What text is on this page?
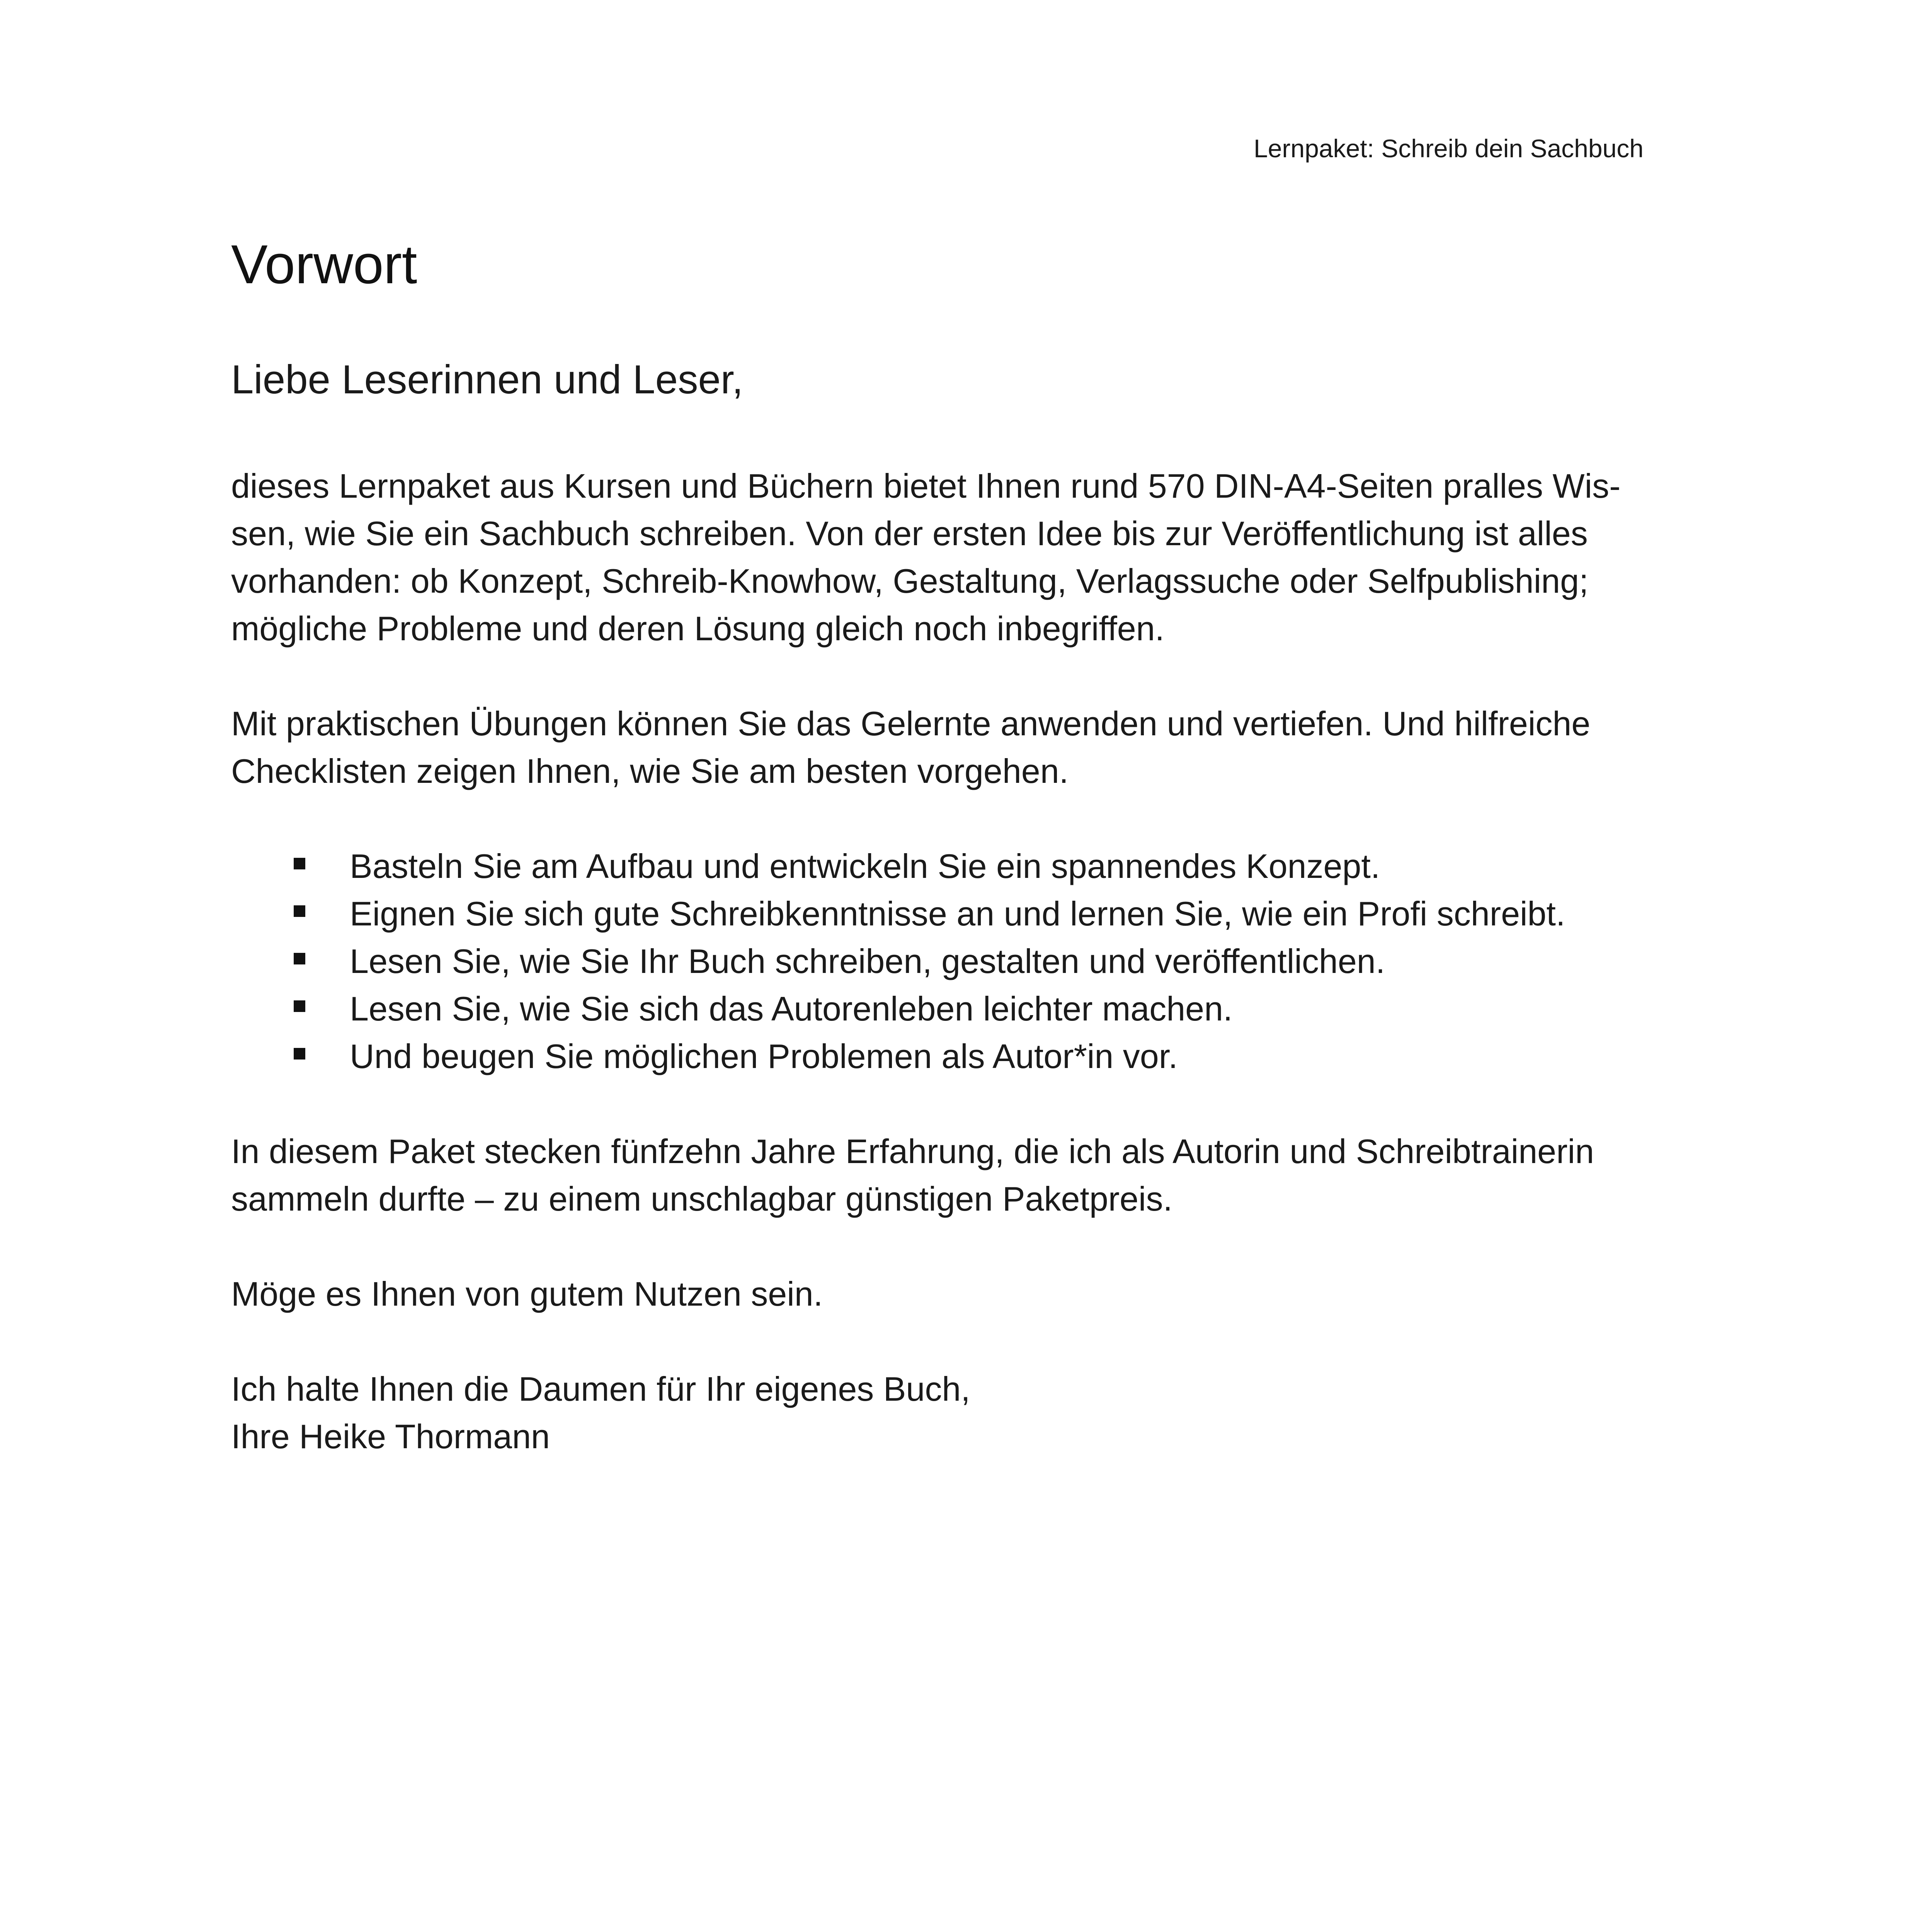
Lernpaket: Schreib dein Sachbuch
Vorwort
Liebe Leserinnen und Leser,

dieses Lernpaket aus Kursen und Büchern bietet Ihnen rund 570 DIN-A4-Seiten pralles Wis-
sen, wie Sie ein Sachbuch schreiben. Von der ersten Idee bis zur Veröffentlichung ist alles
vorhanden: ob Konzept, Schreib-Knowhow, Gestaltung, Verlagssuche oder Selfpublishing;
mögliche Probleme und deren Lösung gleich noch inbegriffen.

Mit praktischen Übungen können Sie das Gelernte anwenden und vertiefen. Und hilfreiche
Checklisten zeigen Ihnen, wie Sie am besten vorgehen.

Basteln Sie am Aufbau und entwickeln Sie ein spannendes Konzept.
Eignen Sie sich gute Schreibkenntnisse an und lernen Sie, wie ein Profi schreibt.
Lesen Sie, wie Sie Ihr Buch schreiben, gestalten und veröffentlichen.
Lesen Sie, wie Sie sich das Autorenleben leichter machen.
Und beugen Sie möglichen Problemen als Autor*in vor.

In diesem Paket stecken fünfzehn Jahre Erfahrung, die ich als Autorin und Schreibtrainerin
sammeln durfte – zu einem unschlagbar günstigen Paketpreis.

Möge es Ihnen von gutem Nutzen sein.

Ich halte Ihnen die Daumen für Ihr eigenes Buch,
Ihre Heike Thormann
